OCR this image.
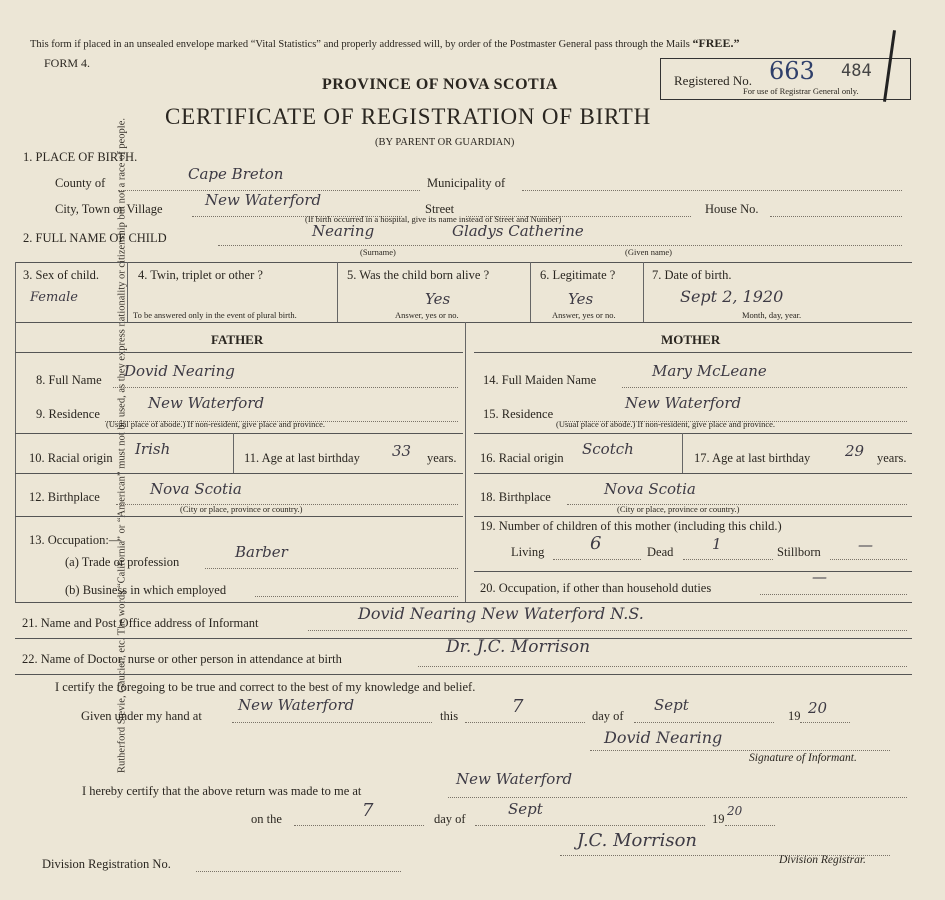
Rutherford Stevie, Gaucien, etc. The words “California” or “American” must not be used, as they express nationality or citizenship but not a race of people.
This form if placed in an unsealed envelope marked “Vital Statistics” and properly addressed will, by order of the Postmaster General pass through the Mails “FREE.”
FORM 4.
PROVINCE OF NOVA SCOTIA
CERTIFICATE OF REGISTRATION OF BIRTH
(BY PARENT OR GUARDIAN)
Registered No. 663 484
For use of Registrar General only.
1. PLACE OF BIRTH.
County of	Cape Breton	Municipality of
City, Town or Village	New Waterford	Street	House No.
(If birth occurred in a hospital, give its name instead of Street and Number)
2. FULL NAME OF CHILD	Nearing	Gladys Catherine
(Surname)	(Given name)
3. Sex of child.
Female
4. Twin, triplet or other ?
To be answered only in the event of plural birth.
5. Was the child born alive ?
Yes
Answer, yes or no.
6. Legitimate ?
Yes
Answer, yes or no.
7. Date of birth.
Sept 2, 1920
Month, day, year.
FATHER	MOTHER
8. Full Name Dovid Nearing
9. Residence
New Waterford
(Usual place of abode.) If non-resident, give place and province.
10. Racial origin Irish	11. Age at last birthday 33 years.
12. Birthplace	Nova Scotia
(City or place, province or country.)
13. Occupation:—
(a) Trade or profession
Barber
(b) Business in which employed
14. Full Maiden Name	Mary McLeane
15. Residence
New Waterford
(Usual place of abode.) If non-resident, give place and province.
16. Racial origin Scotch	17. Age at last birthday 29 years.
18. Birthplace	Nova Scotia
(City or place, province or country.)
19. Number of children of this mother (including this child.)
Living	6	Dead	1	Stillborn —
20. Occupation, if other than household duties
—
21. Name and Post Office address of Informant	Dovid Nearing New Waterford N.S.
22. Name of Doctor, nurse or other person in attendance at birth
Dr. J.C. Morrison
I certify the foregoing to be true and correct to the best of my knowledge and belief.
Given under my hand at
New Waterford
this	7	day of
Sept
19 20
Dovid Nearing
Signature of Informant.
I hereby certify that the above return was made to me at
New Waterford
on the	7	day of
Sept
19
20
Division Registration No.
J.C. Morrison
Division Registrar.
